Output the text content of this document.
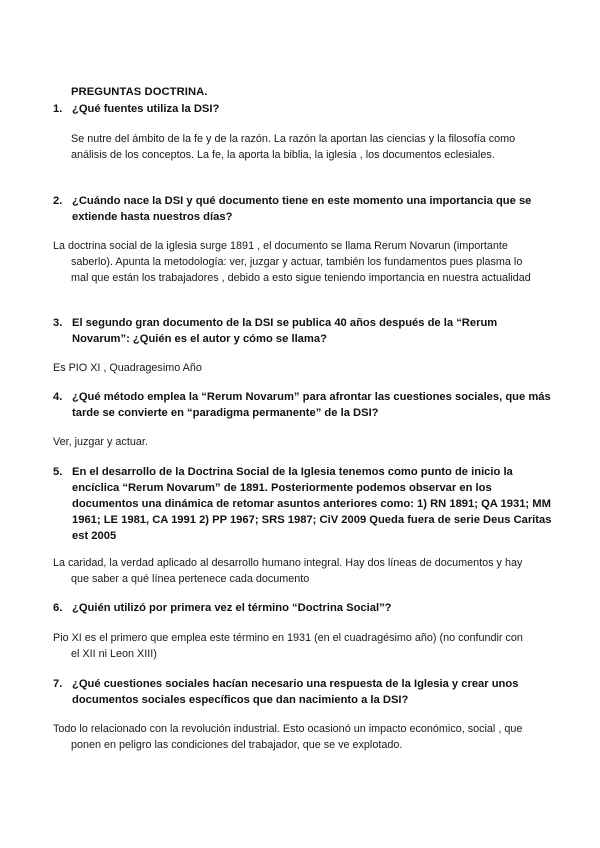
PREGUNTAS DOCTRINA.
1. ¿Qué fuentes utiliza la DSI?
Se nutre del ámbito de la fe y de la razón. La razón la aportan las ciencias y la filosofía como análisis de los conceptos. La fe, la aporta la biblia, la iglesia , los documentos eclesiales.
2. ¿Cuándo nace la DSI y qué documento tiene en este momento una importancia que se extiende hasta nuestros días?
La doctrina social de la iglesia surge 1891 , el documento se llama Rerum Novarun (importante saberlo). Apunta la metodología: ver, juzgar y actuar, también los fundamentos pues plasma lo mal que están los trabajadores , debido a esto sigue teniendo importancia en nuestra actualidad
3. El segundo gran documento de la DSI se publica 40 años después de la “Rerum Novarum”: ¿Quién es el autor y cómo se llama?
Es PIO XI , Quadragesimo Año
4. ¿Qué método emplea la “Rerum Novarum” para afrontar las cuestiones sociales, que más tarde se convierte en “paradigma permanente” de la DSI?
Ver, juzgar y actuar.
5. En el desarrollo de la Doctrina Social de la Iglesia tenemos como punto de inicio la encíclica “Rerum Novarum” de 1891. Posteriormente podemos observar en los documentos una dinámica de retomar asuntos anteriores como: 1) RN 1891; QA 1931; MM 1961; LE 1981, CA 1991 2) PP 1967; SRS 1987; CiV 2009 Queda fuera de serie Deus Caritas est 2005
La caridad, la verdad aplicado al desarrollo humano integral. Hay dos líneas de documentos y hay que saber a qué línea pertenece cada documento
6. ¿Quién utilizó por primera vez el término “Doctrina Social”?
Pio XI es el primero que emplea este término en 1931 (en el cuadragésimo año) (no confundir con el XII ni Leon XIII)
7. ¿Qué cuestiones sociales hacían necesario una respuesta de la Iglesia y crear unos documentos sociales específicos que dan nacimiento a la DSI?
Todo lo relacionado con la revolución industrial. Esto ocasionó un impacto económico, social , que ponen en peligro las condiciones del trabajador, que se ve explotado.
